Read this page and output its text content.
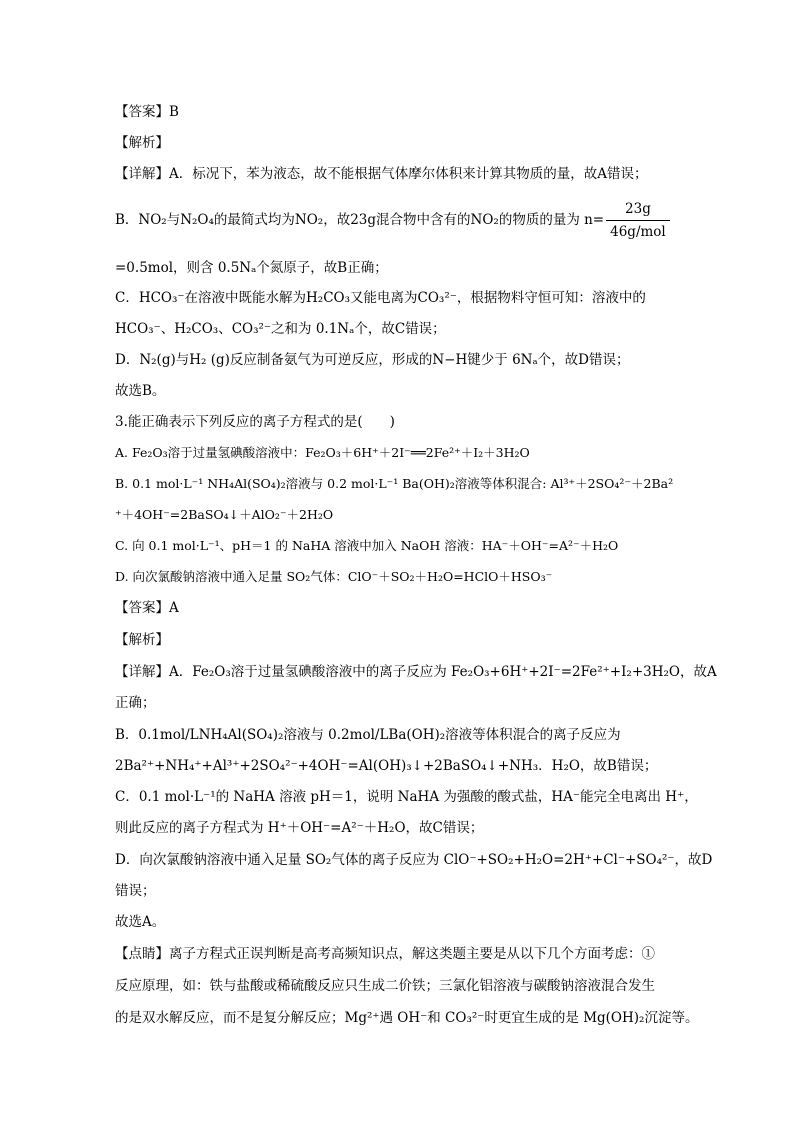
【答案】B
【解析】
【详解】A．标况下，苯为液态，故不能根据气体摩尔体积来计算其物质的量，故A错误；
B．NO₂与N₂O₄的最简式均为NO₂，故23g混合物中含有的NO₂的物质的量为 $n= \frac{23g}{\text{46g/mol}}$
=0.5mol，则含 0.5Nₐ个氮原子，故B正确；
C．HCO₃⁻在溶液中既能水解为H₂CO₃又能电离为CO₃²⁻，根据物料守恒可知：溶液中的
HCO₃⁻、H₂CO₃、CO₃²⁻之和为 0.1Nₐ个，故C错误；
D．N₂(g)与H₂ (g)反应制备氨气为可逆反应，形成的N−H键少于 6Nₐ个，故D错误；
故选B。
3.能正确表示下列反应的离子方程式的是(　　)
A. Fe₂O₃溶于过量氢碘酸溶液中：Fe₂O₃＋6H⁺＋2I⁻══2Fe²⁺＋I₂＋3H₂O
B. 0.1 mol·L⁻¹ NH₄Al(SO₄)₂溶液与 0.2 mol·L⁻¹ Ba(OH)₂溶液等体积混合: Al³⁺＋2SO₄²⁻＋2Ba²
⁺＋4OH⁻=2BaSO₄↓＋AlO₂⁻＋2H₂O
C. 向 0.1 mol·L⁻¹、pH＝1 的 NaHA 溶液中加入 NaOH 溶液：HA⁻＋OH⁻=A²⁻＋H₂O
D. 向次氯酸钠溶液中通入足量 SO₂气体：ClO⁻＋SO₂＋H₂O=HClO＋HSO₃⁻
【答案】A
【解析】
【详解】A．Fe₂O₃溶于过量氢碘酸溶液中的离子反应为 Fe₂O₃+6H⁺+2I⁻=2Fe²⁺+I₂+3H₂O，故A
正确；
B．0.1mol/LNH₄Al(SO₄)₂溶液与 0.2mol/LBa(OH)₂溶液等体积混合的离子反应为
2Ba²⁺+NH₄⁺+Al³⁺+2SO₄²⁻+4OH⁻=Al(OH)₃↓+2BaSO₄↓+NH₃．H₂O，故B错误；
C．0.1 mol·L⁻¹的 NaHA 溶液 pH＝1，说明 NaHA 为强酸的酸式盐，HA⁻能完全电离出 H⁺，
则此反应的离子方程式为 H⁺＋OH⁻=A²⁻＋H₂O，故C错误；
D．向次氯酸钠溶液中通入足量 SO₂气体的离子反应为 ClO⁻+SO₂+H₂O=2H⁺+Cl⁻+SO₄²⁻，故D
错误；
故选A。
【点睛】离子方程式正误判断是高考高频知识点，解这类题主要是从以下几个方面考虑：①
反应原理，如：铁与盐酸或稀硫酸反应只生成二价铁；三氯化铝溶液与碳酸钠溶液混合发生
的是双水解反应，而不是复分解反应；Mg²⁺遇 OH⁻和 CO₃²⁻时更宜生成的是 Mg(OH)₂沉淀等。
